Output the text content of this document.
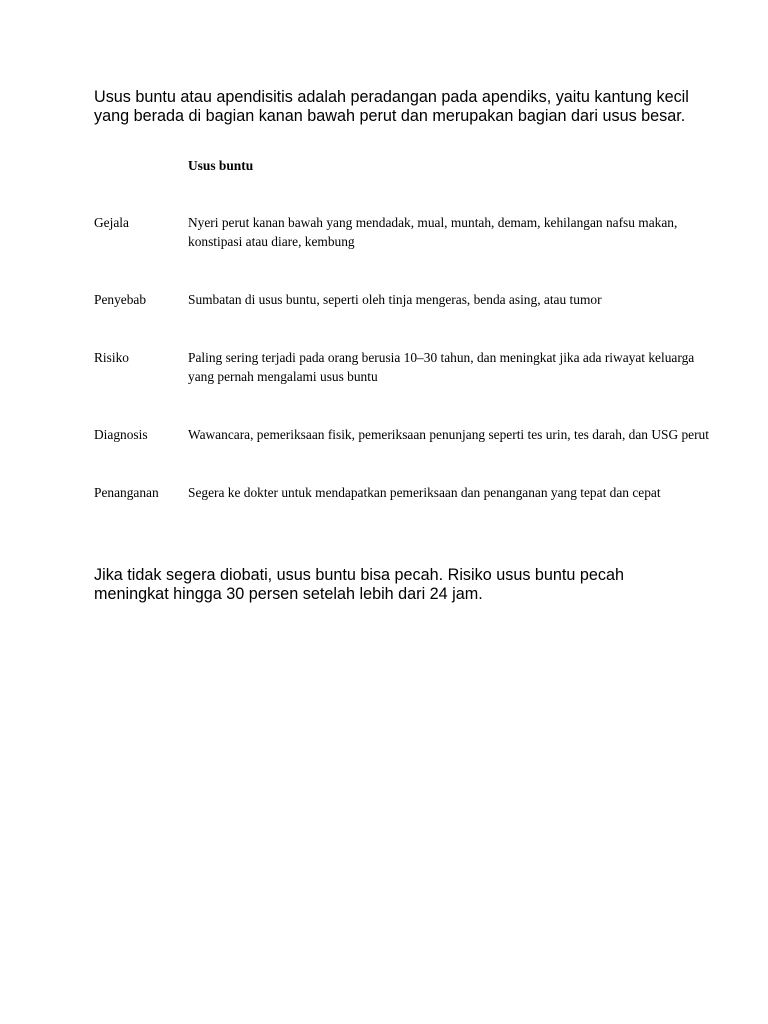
Usus buntu atau apendisitis adalah peradangan pada apendiks, yaitu kantung kecil yang berada di bagian kanan bawah perut dan merupakan bagian dari usus besar.

Usus buntu
Gejala	Nyeri perut kanan bawah yang mendadak, mual, muntah, demam, kehilangan nafsu makan, konstipasi atau diare, kembung
Penyebab	Sumbatan di usus buntu, seperti oleh tinja mengeras, benda asing, atau tumor
Risiko	Paling sering terjadi pada orang berusia 10–30 tahun, dan meningkat jika ada riwayat keluarga yang pernah mengalami usus buntu
Diagnosis	Wawancara, pemeriksaan fisik, pemeriksaan penunjang seperti tes urin, tes darah, dan USG perut
Penanganan	Segera ke dokter untuk mendapatkan pemeriksaan dan penanganan yang tepat dan cepat

Jika tidak segera diobati, usus buntu bisa pecah. Risiko usus buntu pecah meningkat hingga 30 persen setelah lebih dari 24 jam.
